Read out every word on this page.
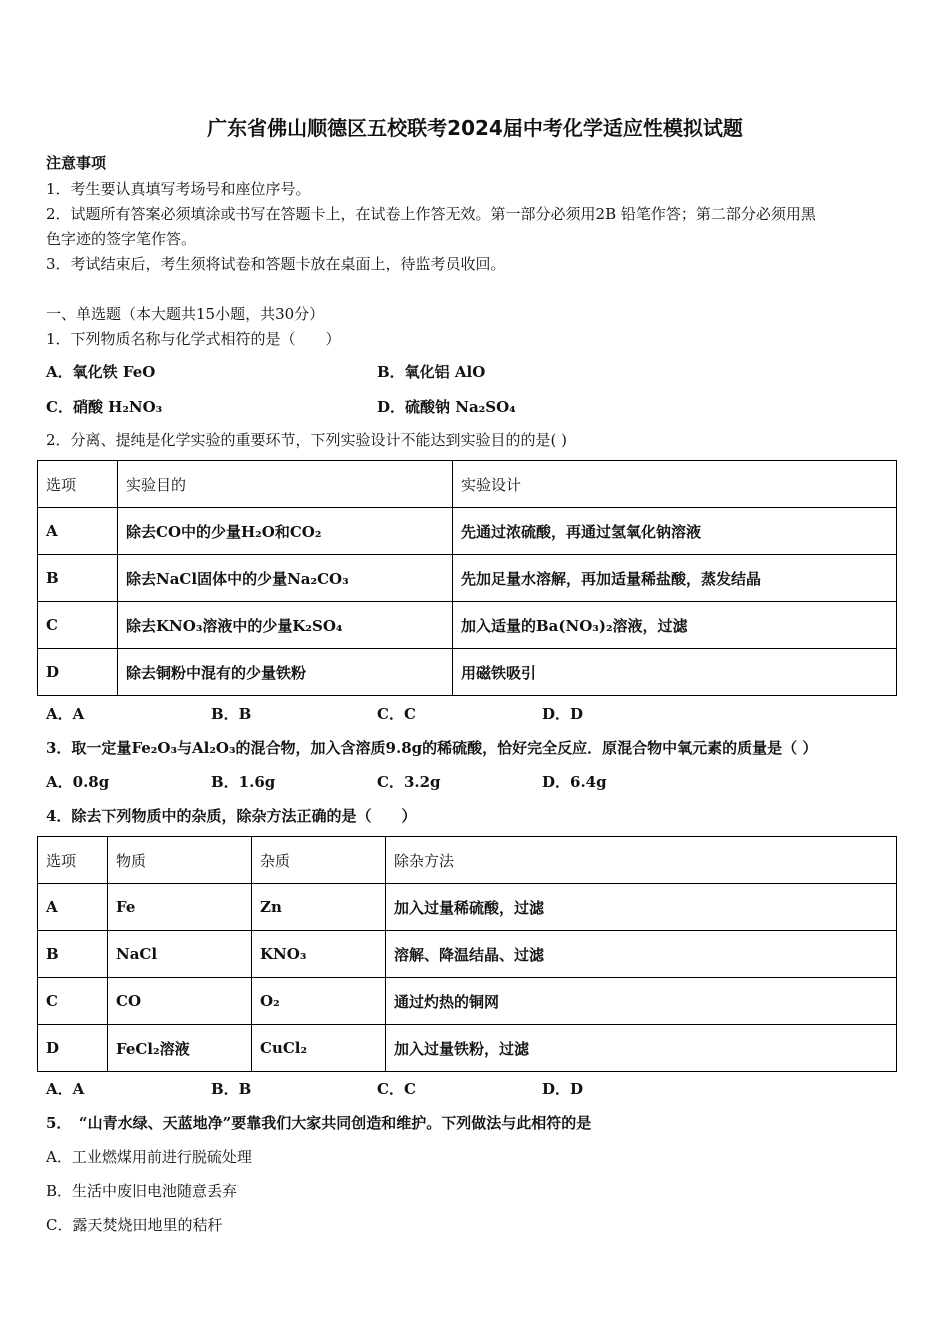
广东省佛山顺德区五校联考2024届中考化学适应性模拟试题
注意事项
1．考生要认真填写考场号和座位序号。
2．试题所有答案必须填涂或书写在答题卡上，在试卷上作答无效。第一部分必须用2B 铅笔作答；第二部分必须用黑
色字迹的签字笔作答。
3．考试结束后，考生须将试卷和答题卡放在桌面上，待监考员收回。
一、单选题（本大题共15小题，共30分）
1．下列物质名称与化学式相符的是（　　）
A．氧化铁 FeO	B．氧化铝 AlO
C．硝酸 H₂NO₃	D．硫酸钠 Na₂SO₄
2．分离、提纯是化学实验的重要环节，下列实验设计不能达到实验目的的是( )
选项	实验目的	实验设计
A	除去CO中的少量H₂O和CO₂	先通过浓硫酸，再通过氢氧化钠溶液
B	除去NaCl固体中的少量Na₂CO₃	先加足量水溶解，再加适量稀盐酸，蒸发结晶
C	除去KNO₃溶液中的少量K₂SO₄	加入适量的Ba(NO₃)₂溶液，过滤
D	除去铜粉中混有的少量铁粉	用磁铁吸引
A．A	B．B	C．C	D．D
3．取一定量Fe₂O₃与Al₂O₃的混合物，加入含溶质9.8g的稀硫酸，恰好完全反应．原混合物中氧元素的质量是（ ）
A．0.8g	B．1.6g	C．3.2g	D．6.4g
4．除去下列物质中的杂质，除杂方法正确的是（　　）
选项	物质	杂质	除杂方法
A	Fe	Zn	加入过量稀硫酸，过滤
B	NaCl	KNO₃	溶解、降温结晶、过滤
C	CO	O₂	通过灼热的铜网
D	FeCl₂溶液	CuCl₂	加入过量铁粉，过滤
A．A	B．B	C．C	D．D
5．　“山青水绿、天蓝地净”要靠我们大家共同创造和维护。下列做法与此相符的是
A．工业燃煤用前进行脱硫处理
B．生活中废旧电池随意丢弃
C．露天焚烧田地里的秸秆
